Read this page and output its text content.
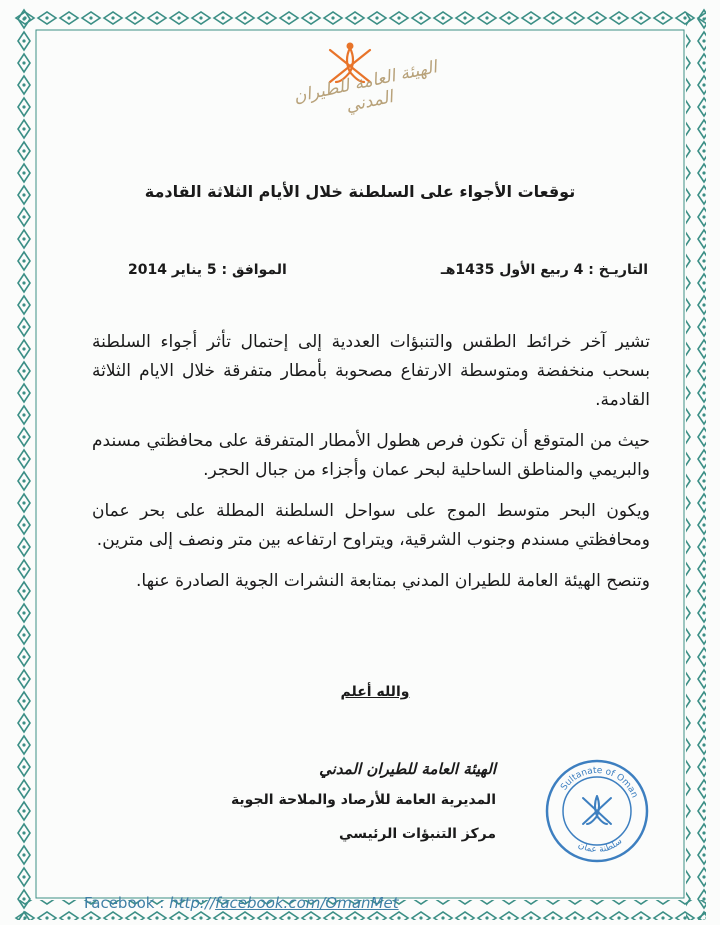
الهيئة العامة للطيران المدني
توقعات الأجواء على السلطنة خلال الأيام الثلاثة القادمة
التاريـخ : 4 ربيع الأول 1435هـ
الموافق : 5 يناير 2014

تشير آخر خرائط الطقس والتنبؤات العددية إلى إحتمال تأثر أجواء السلطنة بسحب منخفضة ومتوسطة الارتفاع مصحوبة بأمطار متفرقة خلال الايام الثلاثة القادمة.

حيث من المتوقع أن تكون فرص هطول الأمطار المتفرقة على محافظتي مسندم والبريمي والمناطق الساحلية لبحر عمان وأجزاء من جبال الحجر.

ويكون البحر متوسط الموج على سواحل السلطنة المطلة على بحر عمان ومحافظتي مسندم وجنوب الشرقية، ويتراوح ارتفاعه بين متر ونصف إلى مترين.

وتنصح الهيئة العامة للطيران المدني بمتابعة النشرات الجوية الصادرة عنها.

والله أعلم
الهيئة العامة للطيران المدني
المديرية العامة للأرصاد والملاحة الجوية
مركز التنبؤات الرئيسي
Sultanate of Oman
سلطنة عمان
Facebook : http://facebook.com/OmanMet
